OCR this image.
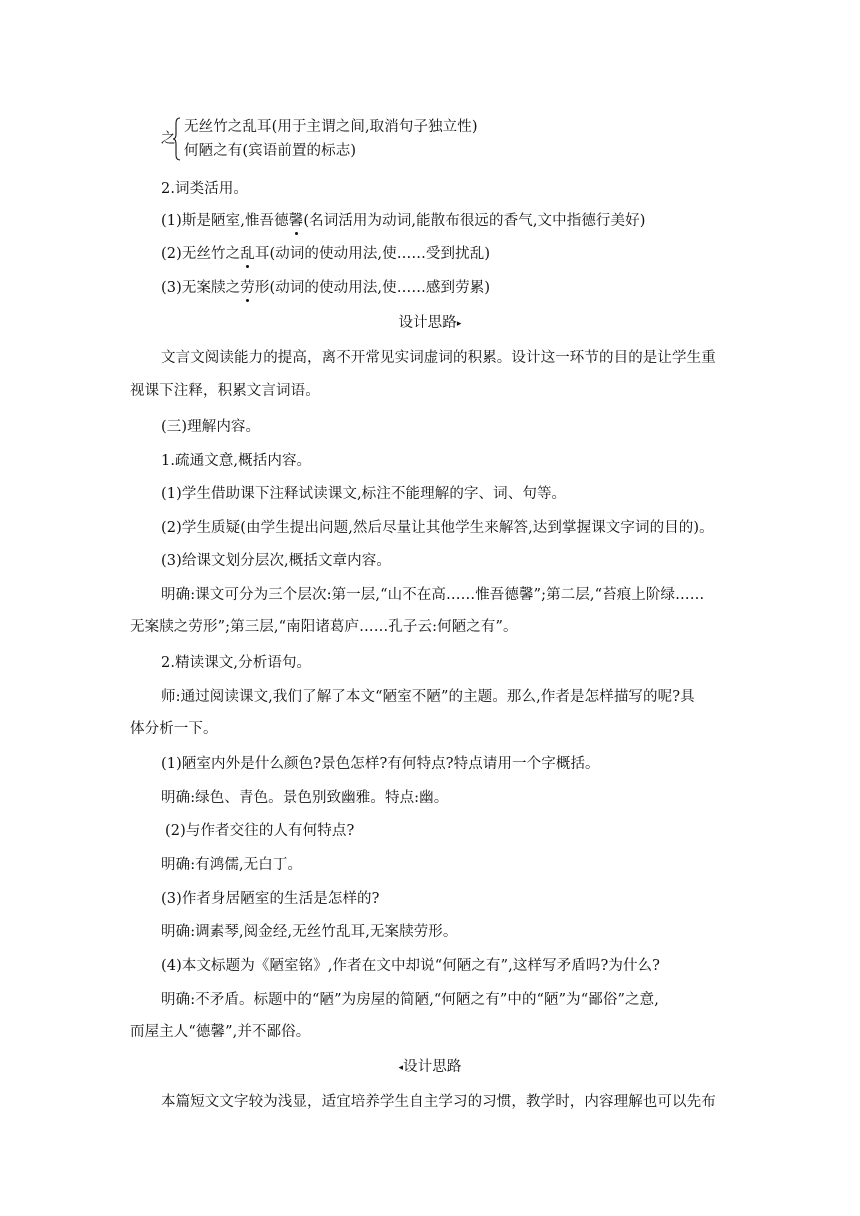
之
无丝竹之乱耳(用于主谓之间,取消句子独立性)
何陋之有(宾语前置的标志)
2.词类活用。
(1)斯是陋室,惟吾德馨(名词活用为动词,能散布很远的香气,文中指德行美好)
(2)无丝竹之乱耳(动词的使动用法,使……受到扰乱)
(3)无案牍之劳形(动词的使动用法,使……感到劳累)
设计思路▸
文言文阅读能力的提高，离不开常见实词虚词的积累。设计这一环节的目的是让学生重
视课下注释，积累文言词语。
(三)理解内容。
1.疏通文意,概括内容。
(1)学生借助课下注释试读课文,标注不能理解的字、词、句等。
(2)学生质疑(由学生提出问题,然后尽量让其他学生来解答,达到掌握课文字词的目的)。
(3)给课文划分层次,概括文章内容。
明确:课文可分为三个层次:第一层,“山不在高……惟吾德馨”;第二层,“苔痕上阶绿……
无案牍之劳形”;第三层,“南阳诸葛庐……孔子云:何陋之有”。
2.精读课文,分析语句。
师:通过阅读课文,我们了解了本文“陋室不陋”的主题。那么,作者是怎样描写的呢?具
体分析一下。
(1)陋室内外是什么颜色?景色怎样?有何特点?特点请用一个字概括。
明确:绿色、青色。景色别致幽雅。特点:幽。
(2)与作者交往的人有何特点?
明确:有鸿儒,无白丁。
(3)作者身居陋室的生活是怎样的?
明确:调素琴,阅金经,无丝竹乱耳,无案牍劳形。
(4)本文标题为《陋室铭》,作者在文中却说“何陋之有”,这样写矛盾吗?为什么?
明确:不矛盾。标题中的“陋”为房屋的简陋,“何陋之有”中的“陋”为“鄙俗”之意,
而屋主人“德馨”,并不鄙俗。
◂设计思路
本篇短文文字较为浅显，适宜培养学生自主学习的习惯，教学时，内容理解也可以先布
